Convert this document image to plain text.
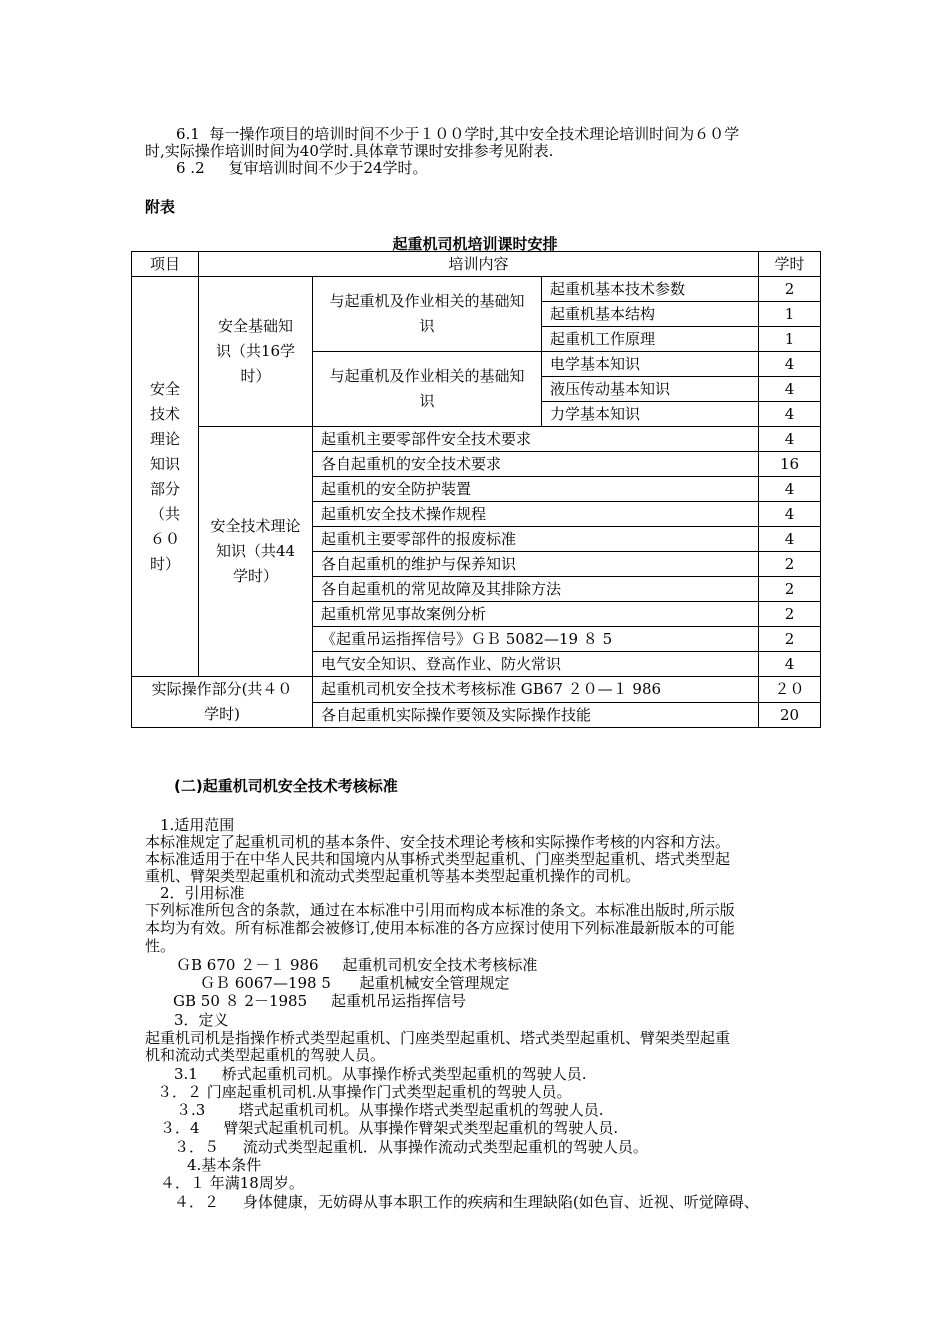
6.1  每一操作项目的培训时间不少于１００学时,其中安全技术理论培训时间为６０学
时,实际操作培训时间为40学时.具体章节课时安排参考见附表.
6 .2     复审培训时间不少于24学时。
附表
起重机司机培训课时安排
项目	培训内容			学时
安全技术理论知识部分（共６０时）	安全基础知识（共16学时）	与起重机及作业相关的基础知识	起重机基本技术参数	2
			起重机基本结构	1
			起重机工作原理	1
		与起重机及作业相关的基础知识	电学基本知识	4
			液压传动基本知识	4
			力学基本知识	4
	安全技术理论知识（共44学时）	起重机主要零部件安全技术要求		4
		各自起重机的安全技术要求		16
		起重机的安全防护装置		4
		起重机安全技术操作规程		4
		起重机主要零部件的报废标准		4
		各自起重机的维护与保养知识		2
		各自起重机的常见故障及其排除方法		2
		起重机常见事故案例分析		2
		《起重吊运指挥信号》ＧＢ 5082—19 ８ 5		2
		电气安全知识、登高作业、防火常识		4
实际操作部分(共４０学时)		起重机司机安全技术考核标准 GB67 ２０—１ 986		２０
		各自起重机实际操作要领及实际操作技能		20
(二)起重机司机安全技术考核标准
1.适用范围
本标准规定了起重机司机的基本条件、安全技术理论考核和实际操作考核的内容和方法。
本标准适用于在中华人民共和国境内从事桥式类型起重机、门座类型起重机、塔式类型起
重机、臂架类型起重机和流动式类型起重机等基本类型起重机操作的司机。
2．引用标准
下列标准所包含的条款，通过在本标准中引用而构成本标准的条文。本标准出版时,所示版
本均为有效。所有标准都会被修订,使用本标准的各方应探讨使用下列标准最新版本的可能
性。
ＧB 670 ２－１ 986     起重机司机安全技术考核标准
ＧＢ 6067—198 5      起重机械安全管理规定
GB 50 ８ 2－1985     起重机吊运指挥信号
3．定义
起重机司机是指操作桥式类型起重机、门座类型起重机、塔式类型起重机、臂架类型起重
机和流动式类型起重机的驾驶人员。
3.1     桥式起重机司机。从事操作桥式类型起重机的驾驶人员.
３．２ 门座起重机司机.从事操作门式类型起重机的驾驶人员。
３.3       塔式起重机司机。从事操作塔式类型起重机的驾驶人员.
３．4     臂架式起重机司机。从事操作臂架式类型起重机的驾驶人员.
３．５     流动式类型起重机．从事操作流动式类型起重机的驾驶人员。
4.基本条件
４．１ 年满18周岁。
４．２     身体健康，无妨碍从事本职工作的疾病和生理缺陷(如色盲、近视、听觉障碍、
